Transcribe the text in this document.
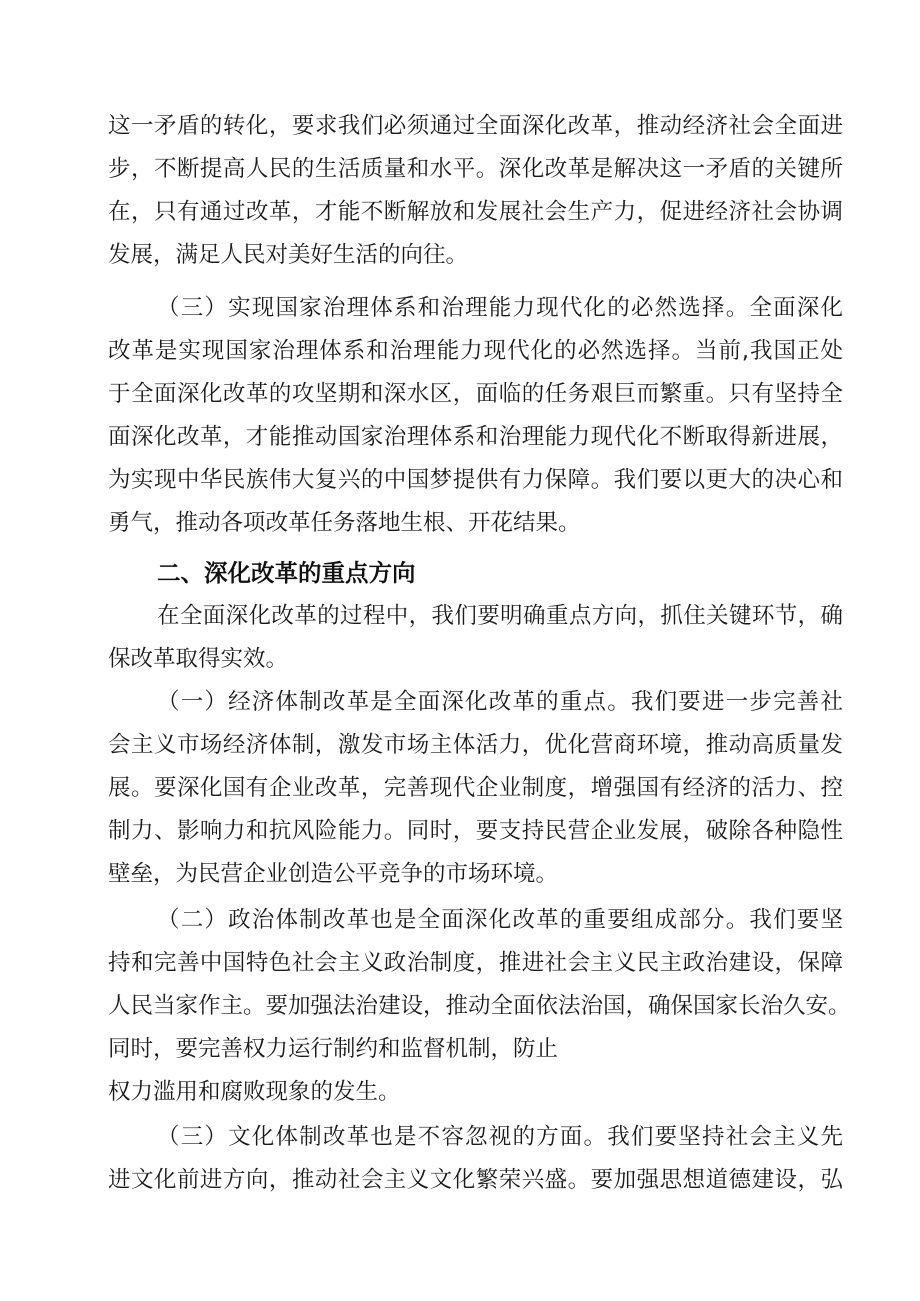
这一矛盾的转化，要求我们必须通过全面深化改革，推动经济社会全面进
步，不断提高人民的生活质量和水平。深化改革是解决这一矛盾的关键所
在，只有通过改革，才能不断解放和发展社会生产力，促进经济社会协调
发展，满足人民对美好生活的向往。
（三）实现国家治理体系和治理能力现代化的必然选择。全面深化
改革是实现国家治理体系和治理能力现代化的必然选择。当前,我国正处
于全面深化改革的攻坚期和深水区，面临的任务艰巨而繁重。只有坚持全
面深化改革，才能推动国家治理体系和治理能力现代化不断取得新进展，
为实现中华民族伟大复兴的中国梦提供有力保障。我们要以更大的决心和
勇气，推动各项改革任务落地生根、开花结果。
二、深化改革的重点方向
在全面深化改革的过程中，我们要明确重点方向，抓住关键环节，确
保改革取得实效。
（一）经济体制改革是全面深化改革的重点。我们要进一步完善社
会主义市场经济体制，激发市场主体活力，优化营商环境，推动高质量发
展。要深化国有企业改革，完善现代企业制度，增强国有经济的活力、控
制力、影响力和抗风险能力。同时，要支持民营企业发展，破除各种隐性
壁垒，为民营企业创造公平竞争的市场环境。
（二）政治体制改革也是全面深化改革的重要组成部分。我们要坚
持和完善中国特色社会主义政治制度，推进社会主义民主政治建设，保障
人民当家作主。要加强法治建设，推动全面依法治国，确保国家长治久安。
同时，要完善权力运行制约和监督机制，防止
权力滥用和腐败现象的发生。
（三）文化体制改革也是不容忽视的方面。我们要坚持社会主义先
进文化前进方向，推动社会主义文化繁荣兴盛。要加强思想道德建设，弘
